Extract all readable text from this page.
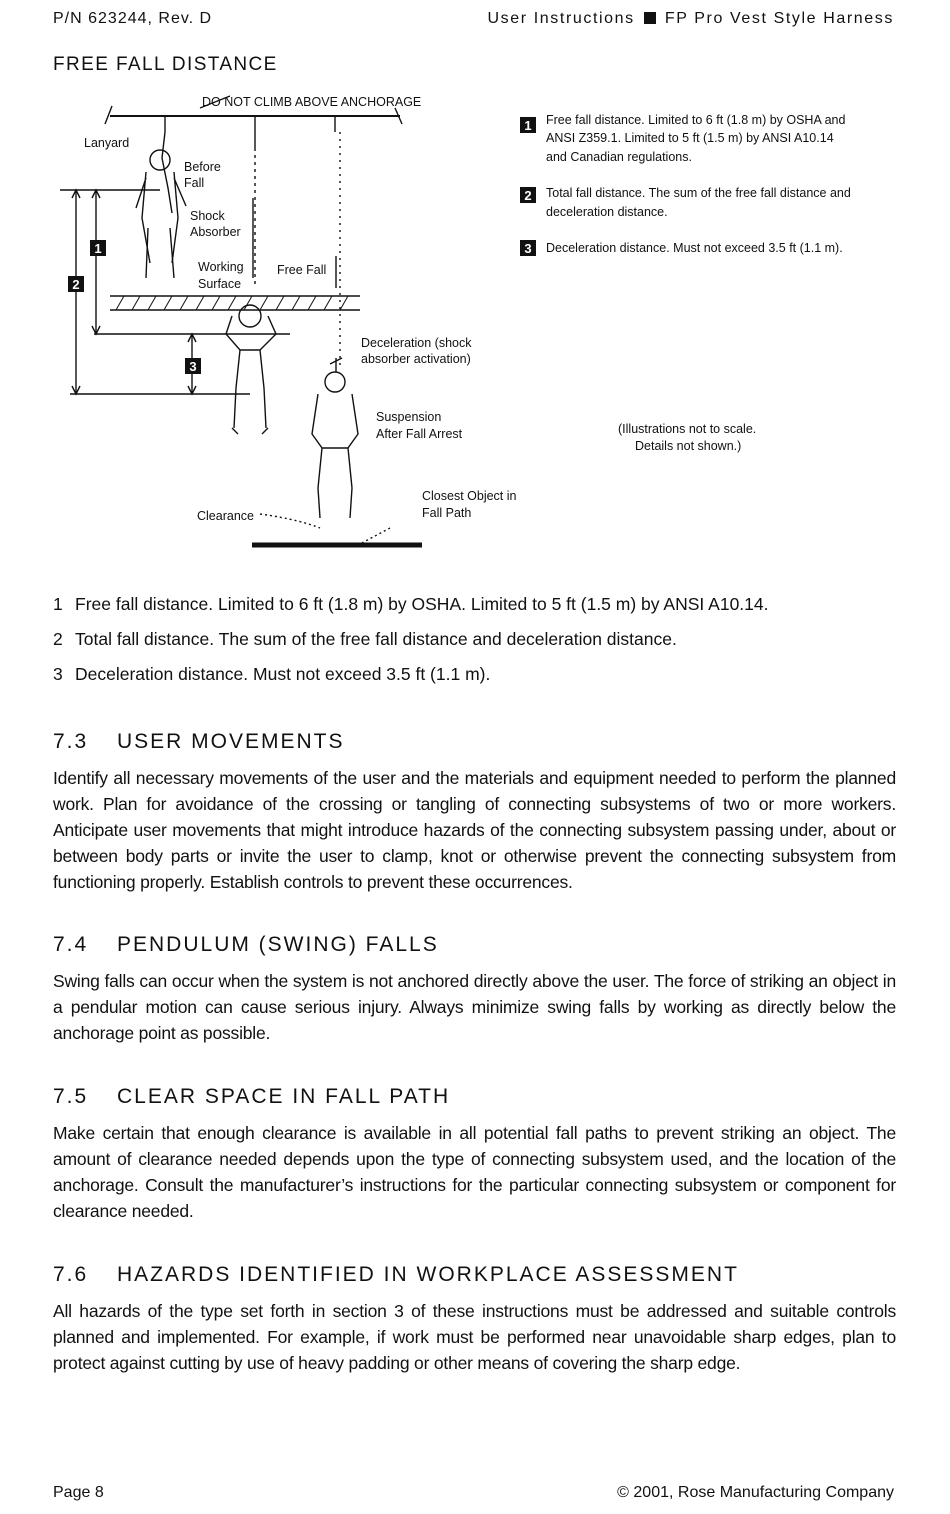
P/N 623244, Rev. D	User Instructions FP Pro Vest Style Harness
FREE FALL DISTANCE
1
2
3
DO NOT CLIMB ABOVE ANCHORAGE
Lanyard
Before
Fall
Shock
Absorber
Working
Surface
Free Fall
Deceleration (shock
absorber activation)
Suspension
After Fall Arrest
Clearance
Closest Object in
Fall Path
(Illustrations not to scale.
Details not shown.)
1
2
3
Free fall distance. Limited to 6 ft (1.8 m) by OSHA and
ANSI Z359.1. Limited to 5 ft (1.5 m) by ANSI A10.14
and Canadian regulations.
Total fall distance. The sum of the free fall distance and
deceleration distance.
Deceleration distance. Must not exceed 3.5 ft (1.1 m).
1 Free fall distance. Limited to 6 ft (1.8 m) by OSHA. Limited to 5 ft (1.5 m) by ANSI A10.14.
2 Total fall distance. The sum of the free fall distance and deceleration distance.
3 Deceleration distance. Must not exceed 3.5 ft (1.1 m).
7.3 USER MOVEMENTS

Identify all necessary movements of the user and the materials and equipment needed to perform the planned work. Plan for avoidance of the crossing or tangling of connecting subsystems of two or more workers. Anticipate user movements that might introduce hazards of the connecting subsystem passing under, about or between body parts or invite the user to clamp, knot or otherwise prevent the connecting subsystem from functioning properly. Establish controls to prevent these occurrences.

7.4 PENDULUM (SWING) FALLS

Swing falls can occur when the system is not anchored directly above the user. The force of striking an object in a pendular motion can cause serious injury. Always minimize swing falls by working as directly below the anchorage point as possible.

7.5 CLEAR SPACE IN FALL PATH

Make certain that enough clearance is available in all potential fall paths to prevent striking an object. The amount of clearance needed depends upon the type of connecting subsystem used, and the location of the anchorage. Consult the manufacturer’s instructions for the particular connecting subsystem or component for clearance needed.

7.6 HAZARDS IDENTIFIED IN WORKPLACE ASSESSMENT

All hazards of the type set forth in section 3 of these instructions must be addressed and suitable controls planned and implemented. For example, if work must be performed near unavoidable sharp edges, plan to protect against cutting by use of heavy padding or other means of covering the sharp edge.

Page 8	© 2001, Rose Manufacturing Company
